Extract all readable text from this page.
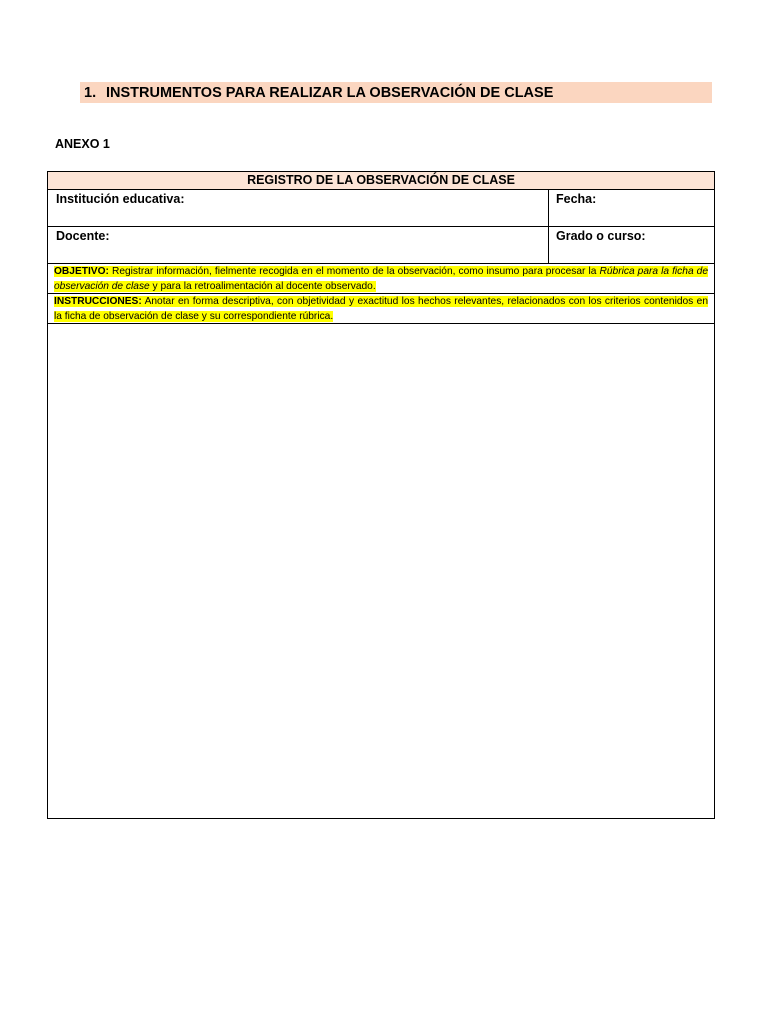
1. INSTRUMENTOS PARA REALIZAR LA OBSERVACIÓN DE CLASE
ANEXO 1
REGISTRO DE LA OBSERVACIÓN DE CLASE
Institución educativa:	Fecha:
Docente:	Grado o curso:
OBJETIVO: Registrar información, fielmente recogida en el momento de la observación, como insumo para procesar la Rúbrica para la ficha de observación de clase y para la retroalimentación al docente observado.
INSTRUCCIONES: Anotar en forma descriptiva, con objetividad y exactitud los hechos relevantes, relacionados con los criterios contenidos en la ficha de observación de clase y su correspondiente rúbrica.
